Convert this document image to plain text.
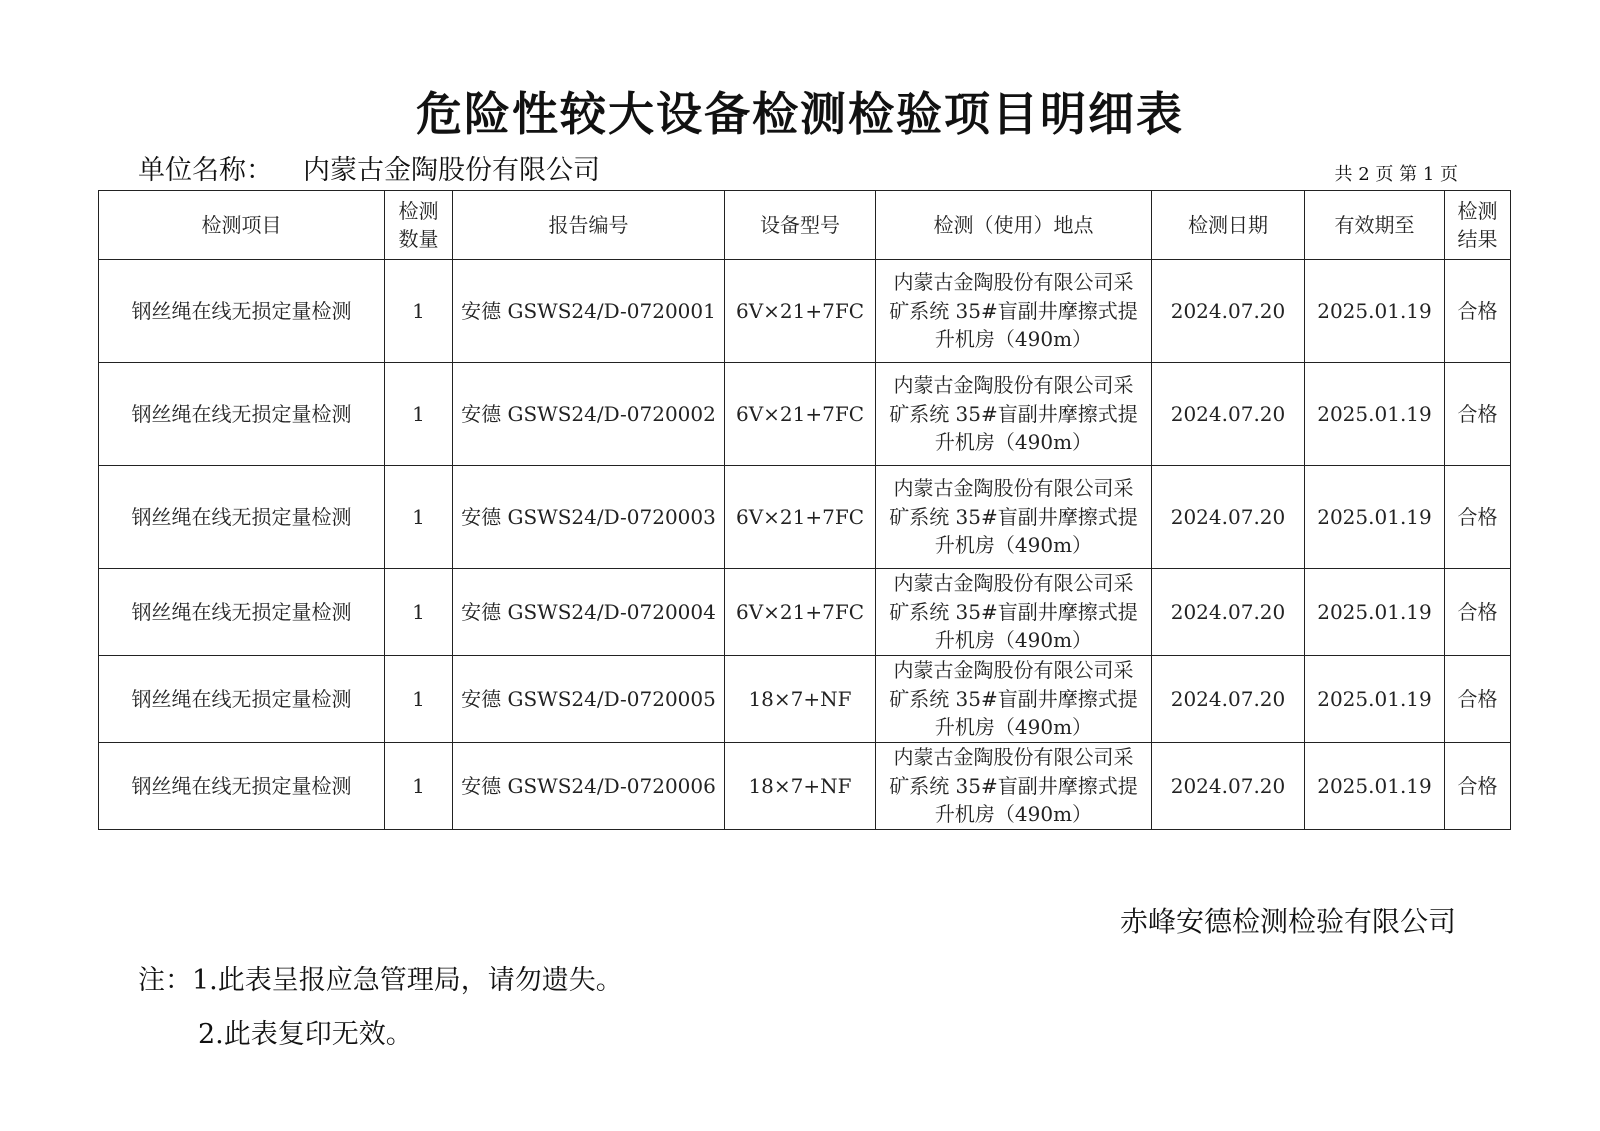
危险性较大设备检测检验项目明细表
单位名称： 内蒙古金陶股份有限公司	共 2 页 第 1 页
检测项目	检测数量	报告编号	设备型号	检测（使用）地点	检测日期	有效期至	检测结果
钢丝绳在线无损定量检测	1	安德 GSWS24/D-0720001	6V×21+7FC	内蒙古金陶股份有限公司采矿系统 35#盲副井摩擦式提升机房（490m）	2024.07.20	2025.01.19	合格
钢丝绳在线无损定量检测	1	安德 GSWS24/D-0720002	6V×21+7FC	内蒙古金陶股份有限公司采矿系统 35#盲副井摩擦式提升机房（490m）	2024.07.20	2025.01.19	合格
钢丝绳在线无损定量检测	1	安德 GSWS24/D-0720003	6V×21+7FC	内蒙古金陶股份有限公司采矿系统 35#盲副井摩擦式提升机房（490m）	2024.07.20	2025.01.19	合格
钢丝绳在线无损定量检测	1	安德 GSWS24/D-0720004	6V×21+7FC	内蒙古金陶股份有限公司采矿系统 35#盲副井摩擦式提升机房（490m）	2024.07.20	2025.01.19	合格
钢丝绳在线无损定量检测	1	安德 GSWS24/D-0720005	18×7+NF	内蒙古金陶股份有限公司采矿系统 35#盲副井摩擦式提升机房（490m）	2024.07.20	2025.01.19	合格
钢丝绳在线无损定量检测	1	安德 GSWS24/D-0720006	18×7+NF	内蒙古金陶股份有限公司采矿系统 35#盲副井摩擦式提升机房（490m）	2024.07.20	2025.01.19	合格
赤峰安德检测检验有限公司
注：1.此表呈报应急管理局，请勿遗失。
2.此表复印无效。
